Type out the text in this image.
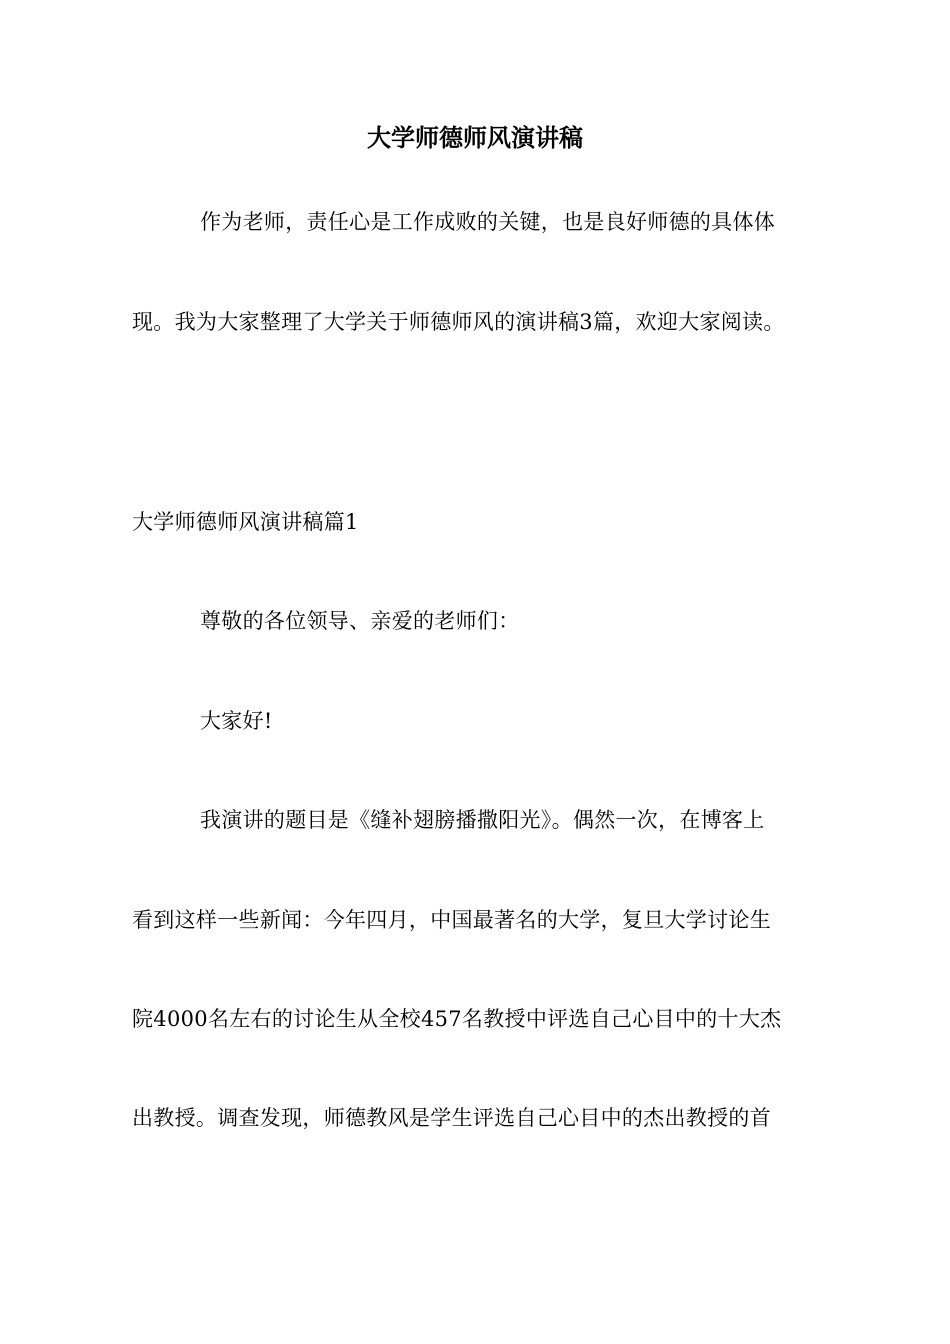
大学师德师风演讲稿
作为老师，责任心是工作成败的关键，也是良好师德的具体体
现。我为大家整理了大学关于师德师风的演讲稿3篇，欢迎大家阅读。
大学师德师风演讲稿篇1
尊敬的各位领导、亲爱的老师们：
大家好!
我演讲的题目是《缝补翅膀播撒阳光》。偶然一次，在博客上
看到这样一些新闻：今年四月，中国最著名的大学，复旦大学讨论生
院4000名左右的讨论生从全校457名教授中评选自己心目中的十大杰
出教授。调查发现，师德教风是学生评选自己心目中的杰出教授的首
